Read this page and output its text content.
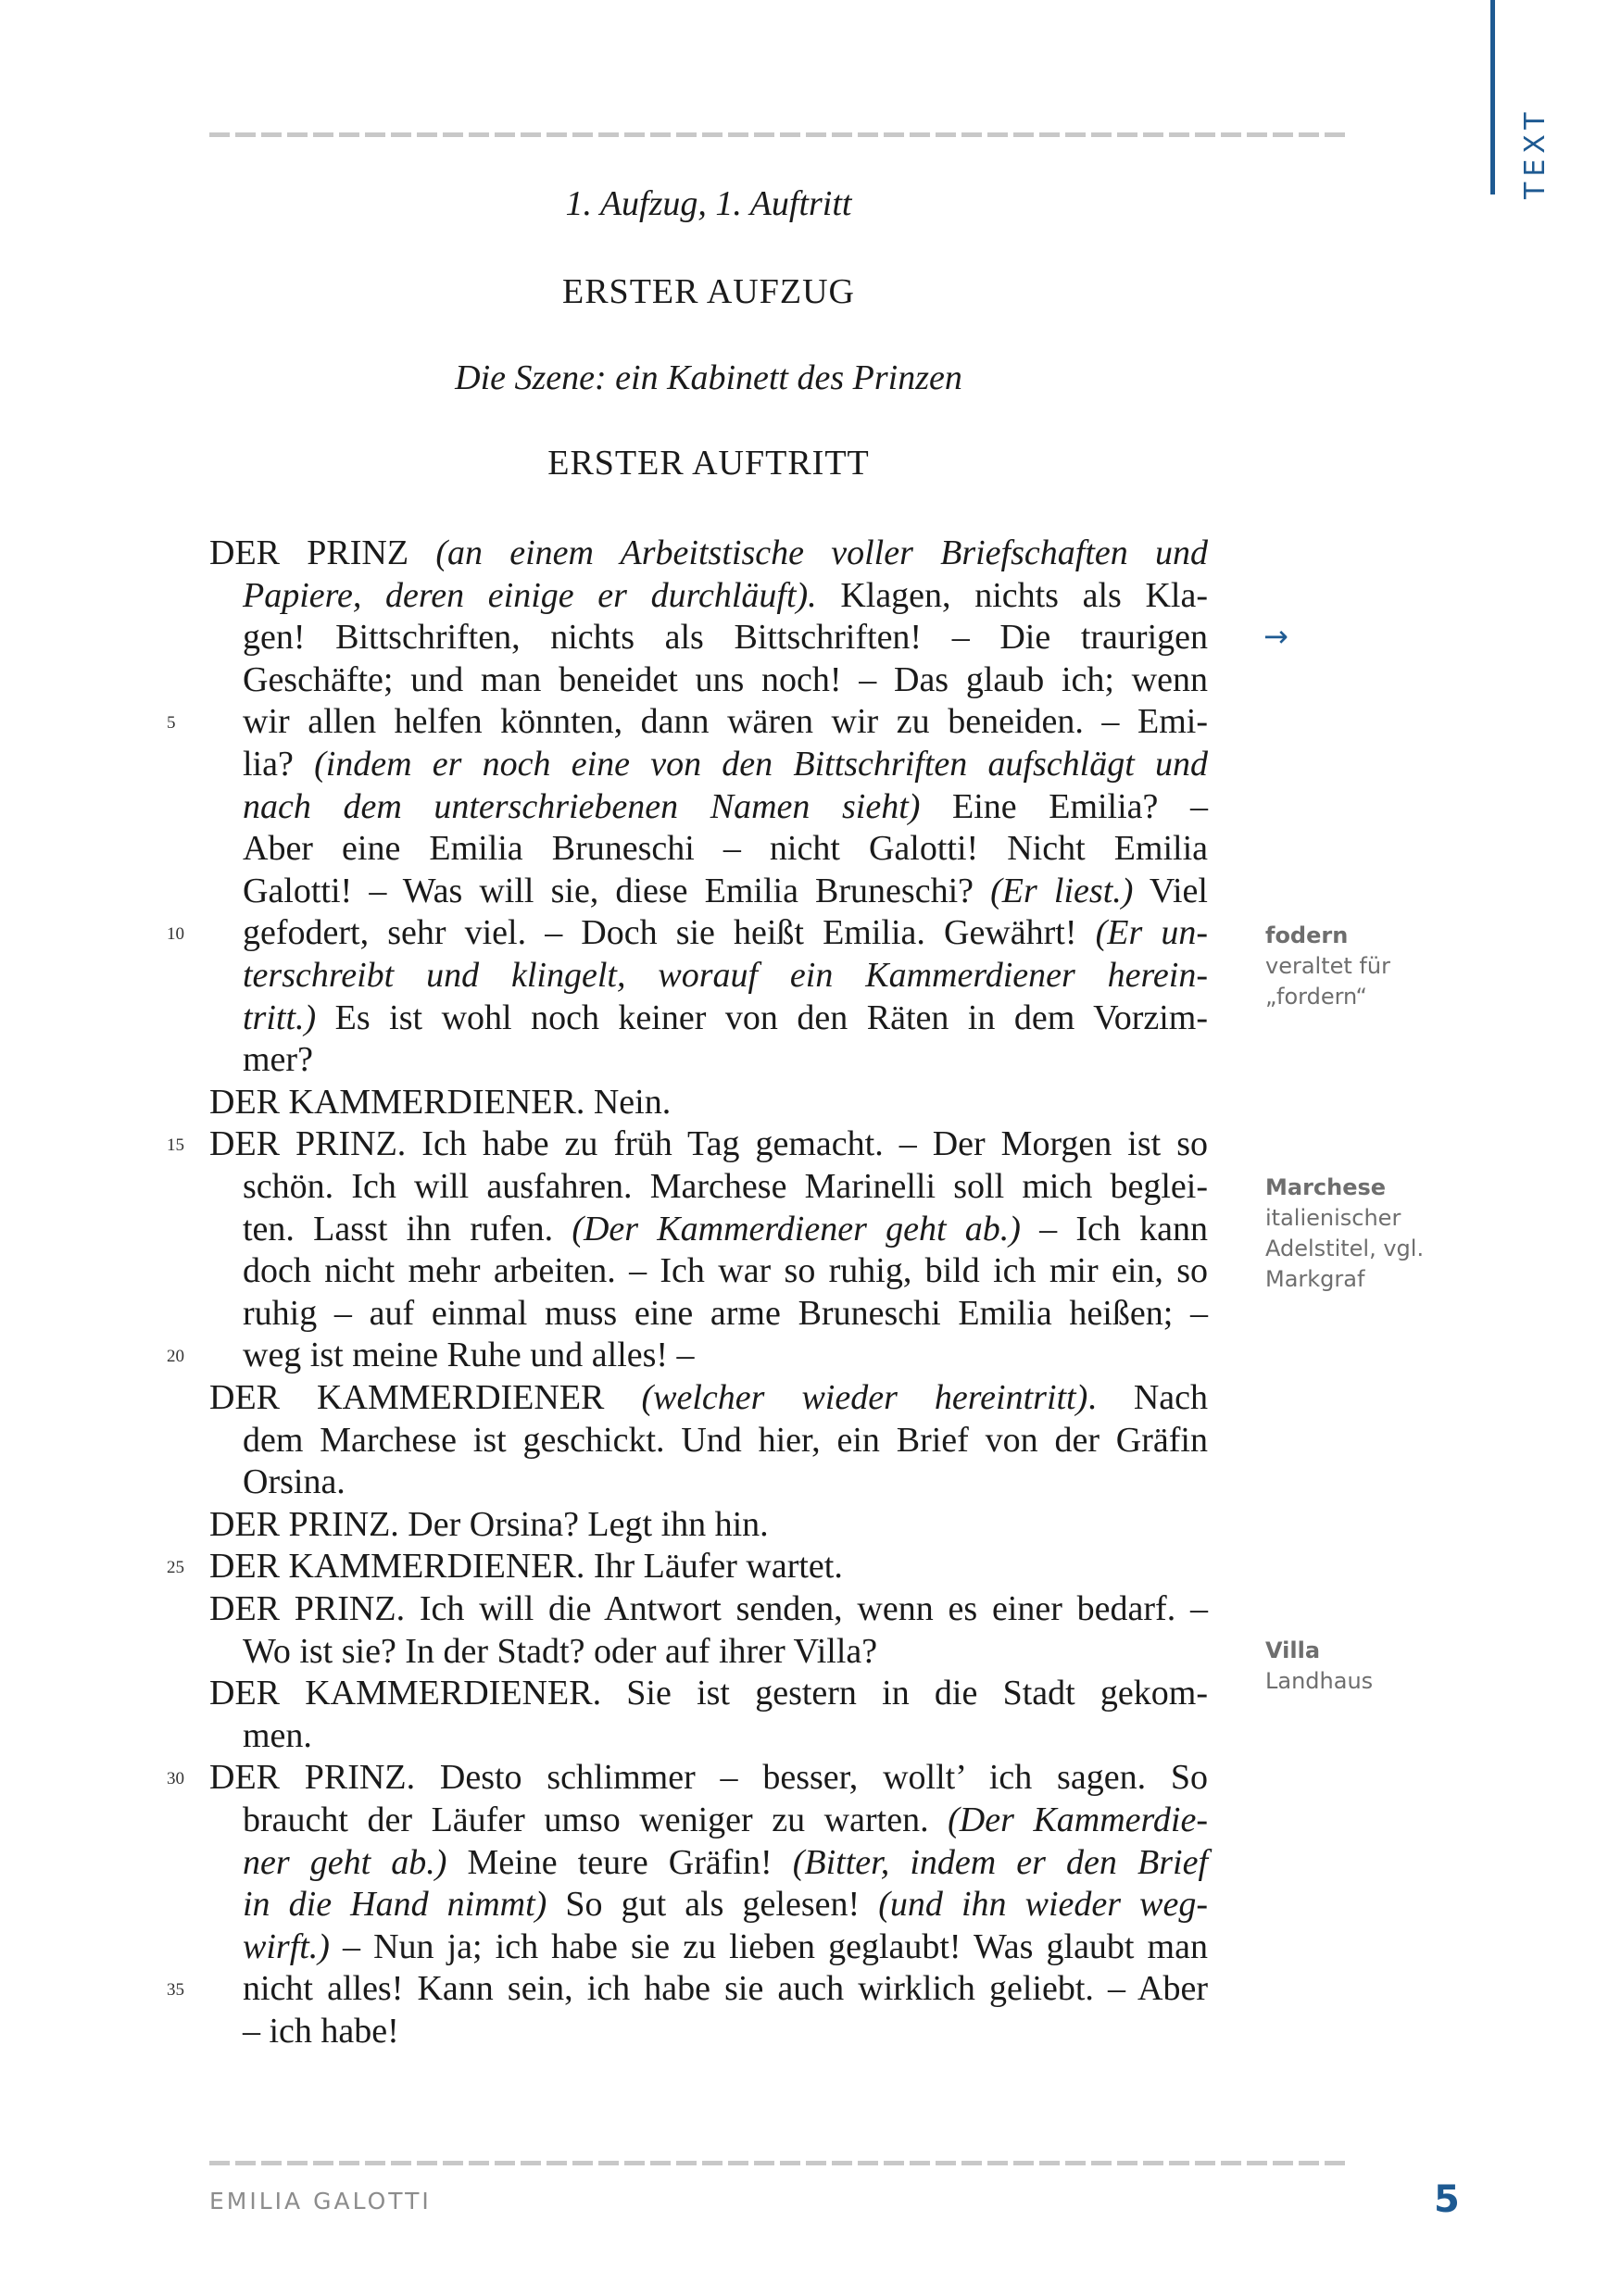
TEXT
1. Aufzug, 1. Auftritt
ERSTER AUFZUG
Die Szene: ein Kabinett des Prinzen
ERSTER AUFTRITT
DER PRINZ (an einem Arbeitstische voller Briefschaften und
Papiere, deren einige er durchläuft). Klagen, nichts als Kla-
gen! Bittschriften, nichts als Bittschriften! – Die traurigen
Geschäfte; und man beneidet uns noch! – Das glaub ich; wenn
wir allen helfen könnten, dann wären wir zu beneiden. – Emi-
lia? (indem er noch eine von den Bittschriften aufschlägt und
nach dem unterschriebenen Namen sieht) Eine Emilia? –
Aber eine Emilia Bruneschi – nicht Galotti! Nicht Emilia
Galotti! – Was will sie, diese Emilia Bruneschi? (Er liest.) Viel
gefodert, sehr viel. – Doch sie heißt Emilia. Gewährt! (Er un-
terschreibt und klingelt, worauf ein Kammerdiener herein-
tritt.) Es ist wohl noch keiner von den Räten in dem Vorzim-
mer?
DER KAMMERDIENER. Nein.
DER PRINZ. Ich habe zu früh Tag gemacht. – Der Morgen ist so
schön. Ich will ausfahren. Marchese Marinelli soll mich beglei-
ten. Lasst ihn rufen. (Der Kammerdiener geht ab.) – Ich kann
doch nicht mehr arbeiten. – Ich war so ruhig, bild ich mir ein, so
ruhig – auf einmal muss eine arme Bruneschi Emilia heißen; –
weg ist meine Ruhe und alles! –
DER KAMMERDIENER (welcher wieder hereintritt). Nach
dem Marchese ist geschickt. Und hier, ein Brief von der Gräfin
Orsina.
DER PRINZ. Der Orsina? Legt ihn hin.
DER KAMMERDIENER. Ihr Läufer wartet.
DER PRINZ. Ich will die Antwort senden, wenn es einer bedarf. –
Wo ist sie? In der Stadt? oder auf ihrer Villa?
DER KAMMERDIENER. Sie ist gestern in die Stadt gekom-
men.
DER PRINZ. Desto schlimmer – besser, wollt’ ich sagen. So
braucht der Läufer umso weniger zu warten. (Der Kammerdie-
ner geht ab.) Meine teure Gräfin! (Bitter, indem er den Brief
in die Hand nimmt) So gut als gelesen! (und ihn wieder weg-
wirft.) – Nun ja; ich habe sie zu lieben geglaubt! Was glaubt man
nicht alles! Kann sein, ich habe sie auch wirklich geliebt. – Aber
– ich habe!
5
10
15
20
25
30
35
→
fodern
veraltet für
„fordern“
Marchese
italienischer
Adelstitel, vgl.
Markgraf
Villa
Landhaus
EMILIA GALOTTI	5
